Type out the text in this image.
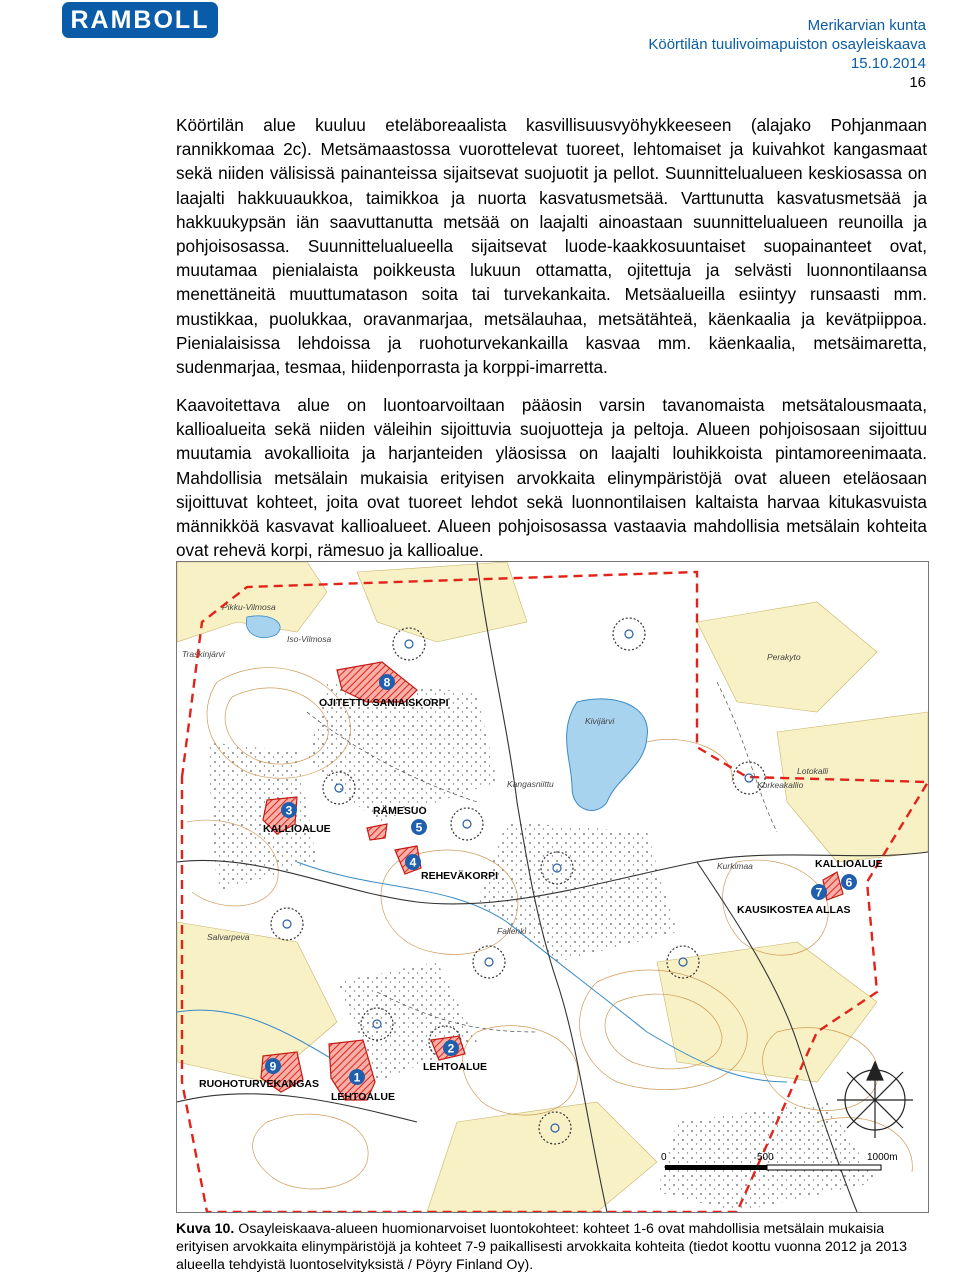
RAMBOLL	Merikarvian kunta
Köörtilän tuulivoimapuiston osayleiskaava
15.10.2014
16

Köörtilän alue kuuluu eteläboreaalista kasvillisuusvyöhykkeeseen (alajako Pohjanmaan rannikkomaa 2c). Metsämaastossa vuorottelevat tuoreet, lehtomaiset ja kuivahkot kangasmaat sekä niiden välisissä painanteissa sijaitsevat suojuotit ja pellot. Suunnittelualueen keskiosassa on laajalti hakkuuaukkoa, taimikkoa ja nuorta kasvatusmetsää. Varttunutta kasvatusmetsää ja hakkuukypsän iän saavuttanutta metsää on laajalti ainoastaan suunnittelualueen reunoilla ja pohjoisosassa. Suunnittelualueella sijaitsevat luode-kaakkosuuntaiset suopainanteet ovat, muutamaa pienialaista poikkeusta lukuun ottamatta, ojitettuja ja selvästi luonnontilaansa menettäneitä muuttumatason soita tai turvekankaita. Metsäalueilla esiintyy runsaasti mm. mustikkaa, puolukkaa, oravanmarjaa, metsälauhaa, metsätähteä, käenkaalia ja kevätpiippoa. Pienialaisissa lehdoissa ja ruohoturvekankailla kasvaa mm. käenkaalia, metsäimaretta, sudenmarjaa, tesmaa, hiidenporrasta ja korppi-imarretta.

Kaavoitettava alue on luontoarvoiltaan pääosin varsin tavanomaista metsätalousmaata, kallioalueita sekä niiden väleihin sijoittuvia suojuotteja ja peltoja. Alueen pohjoisosaan sijoittuu muutamia avokallioita ja harjanteiden yläosissa on laajalti louhikkoista pintamoreenimaata. Mahdollisia metsälain mukaisia erityisen arvokkaita elinympäristöjä ovat alueen eteläosaan sijoittuvat kohteet, joita ovat tuoreet lehdot sekä luonnontilaisen kaltaista harvaa kitukasvuista männikköä kasvavat kallioalueet. Alueen pohjoisosassa vastaavia mahdollisia metsälain kohteita ovat rehevä korpi, rämesuo ja kallioalue.

Pikku-Vilmosa
Iso-Vilmosa
Traskinjärvi
Kivijärvi
Kurkimaa
Salvarpeva
Fallenki
Perakyto
Lotokalli
Korkeakallio
Kangasniittu
8
3
5
4
6
7
2
9
1
OJITETTU SANIAISKORPI
KALLIOALUE
RÄMESUO
REHEVÄKORPI
KALLIOALUE
KAUSIKOSTEA ALLAS
LEHTOALUE
RUOHOTURVEKANGAS
LEHTOALUE
0	500	1000m

Kuva 10. Osayleiskaava-alueen huomionarvoiset luontokohteet: kohteet 1-6 ovat mahdollisia metsälain mukaisia erityisen arvokkaita elinympäristöjä ja kohteet 7-9 paikallisesti arvokkaita kohteita (tiedot koottu vuonna 2012 ja 2013 alueella tehdyistä luontoselvityksistä / Pöyry Finland Oy).
